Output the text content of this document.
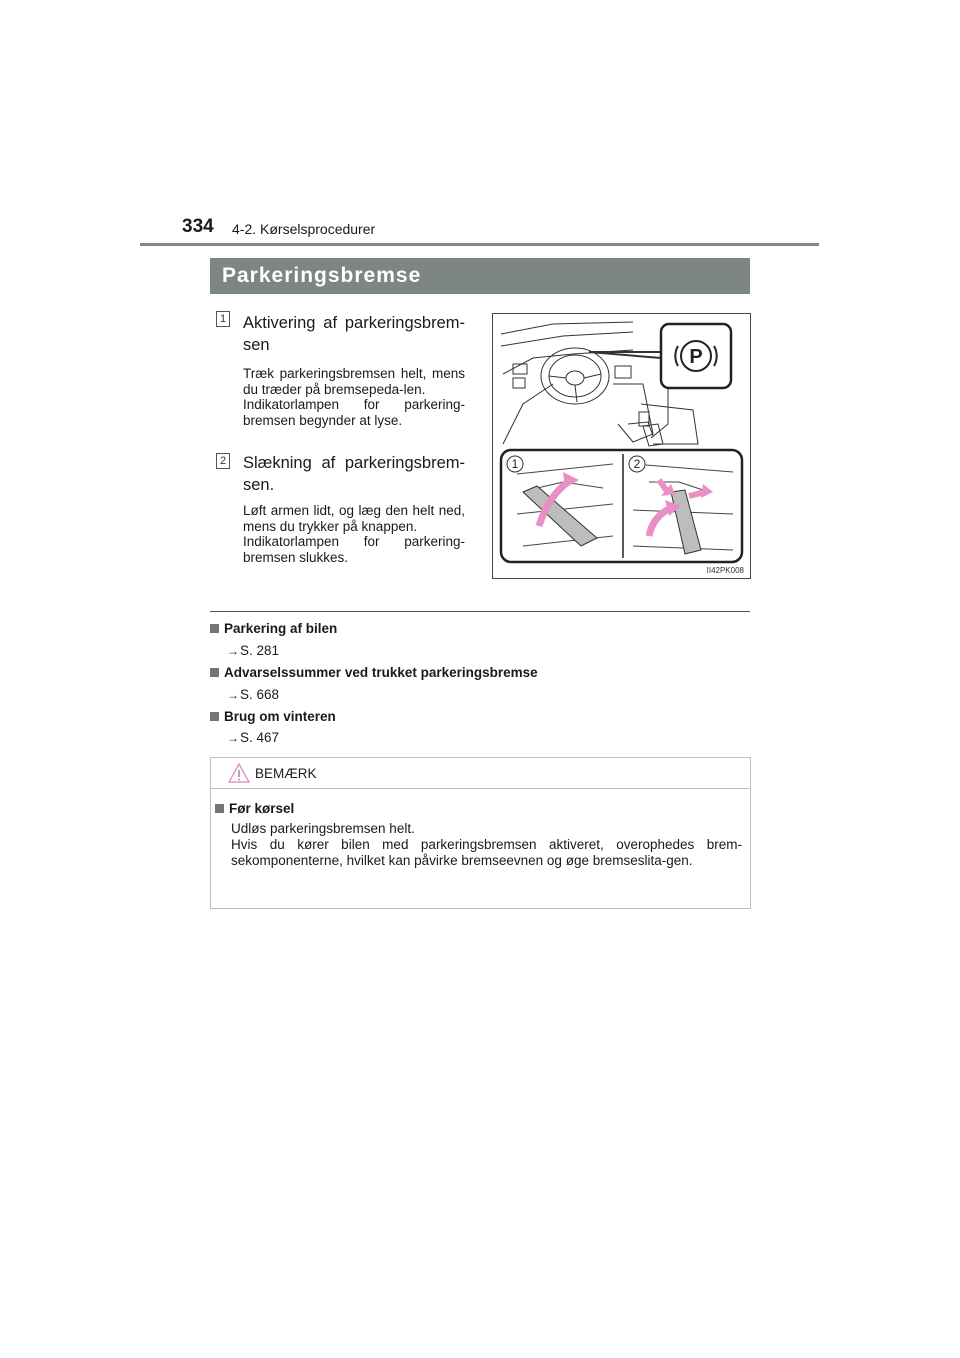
334 4-2. Kørselsprocedurer
Parkeringsbremse
1 Aktivering af parkeringsbrem-sen

Træk parkeringsbremsen helt, mens du træder på bremsepeda-len.

Indikatorlampen for parkering-bremsen begynder at lyse.

2 Slækning af parkeringsbrem-sen.

Løft armen lidt, og læg den helt ned, mens du trykker på knappen.

Indikatorlampen for parkering-bremsen slukkes.

P
1	2
II42PK008
Parkering af bilen
→S. 281
Advarselssummer ved trukket parkeringsbremse
→S. 668
Brug om vinteren
→S. 467
BEMÆRK
Før kørsel

Udløs parkeringsbremsen helt.

Hvis du kører bilen med parkeringsbremsen aktiveret, overophedes brem-sekomponenterne, hvilket kan påvirke bremseevnen og øge bremseslita-gen.
